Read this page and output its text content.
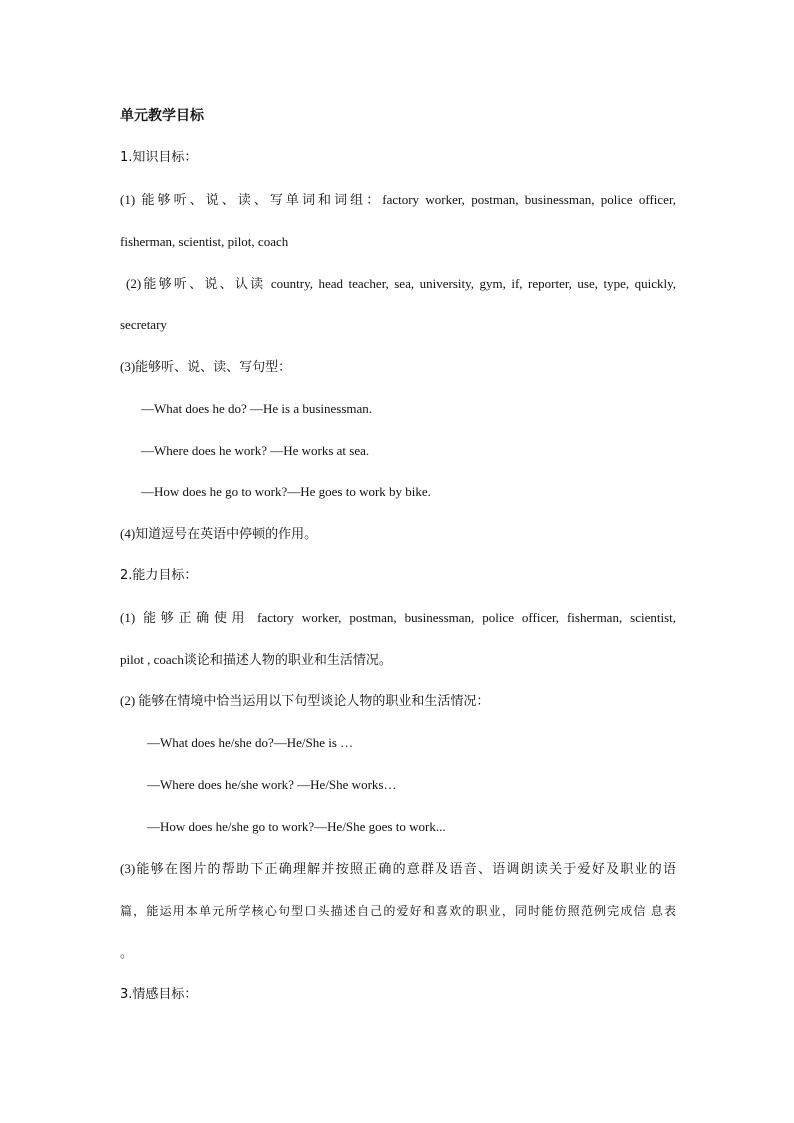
单元教学目标
1.知识目标：
(1) 能够听、说、读、写单词和词组：factory worker, postman, businessman, police officer,
fisherman, scientist, pilot, coach
(2)能够听、说、认读 country, head teacher, sea, university, gym, if, reporter, use, type, quickly,
secretary
(3)能够听、说、读、写句型：
—What does he do? —He is a businessman.
—Where does he work? —He works at sea.
—How does he go to work?—He goes to work by bike.
(4)知道逗号在英语中停顿的作用。
2.能力目标：
(1) 能够正确使用 factory worker, postman, businessman, police officer, fisherman, scientist,
pilot , coach谈论和描述人物的职业和生活情况。
(2) 能够在情境中恰当运用以下句型谈论人物的职业和生活情况：
—What does he/she do?—He/She is …
—Where does he/she work? —He/She works…
—How does he/she go to work?—He/She goes to work...
(3)能够在图片的帮助下正确理解并按照正确的意群及语音、语调朗读关于爱好及职业的语
篇，能运用本单元所学核心句型口头描述自己的爱好和喜欢的职业，同时能仿照范例完成信 息表
。
3.情感目标：
